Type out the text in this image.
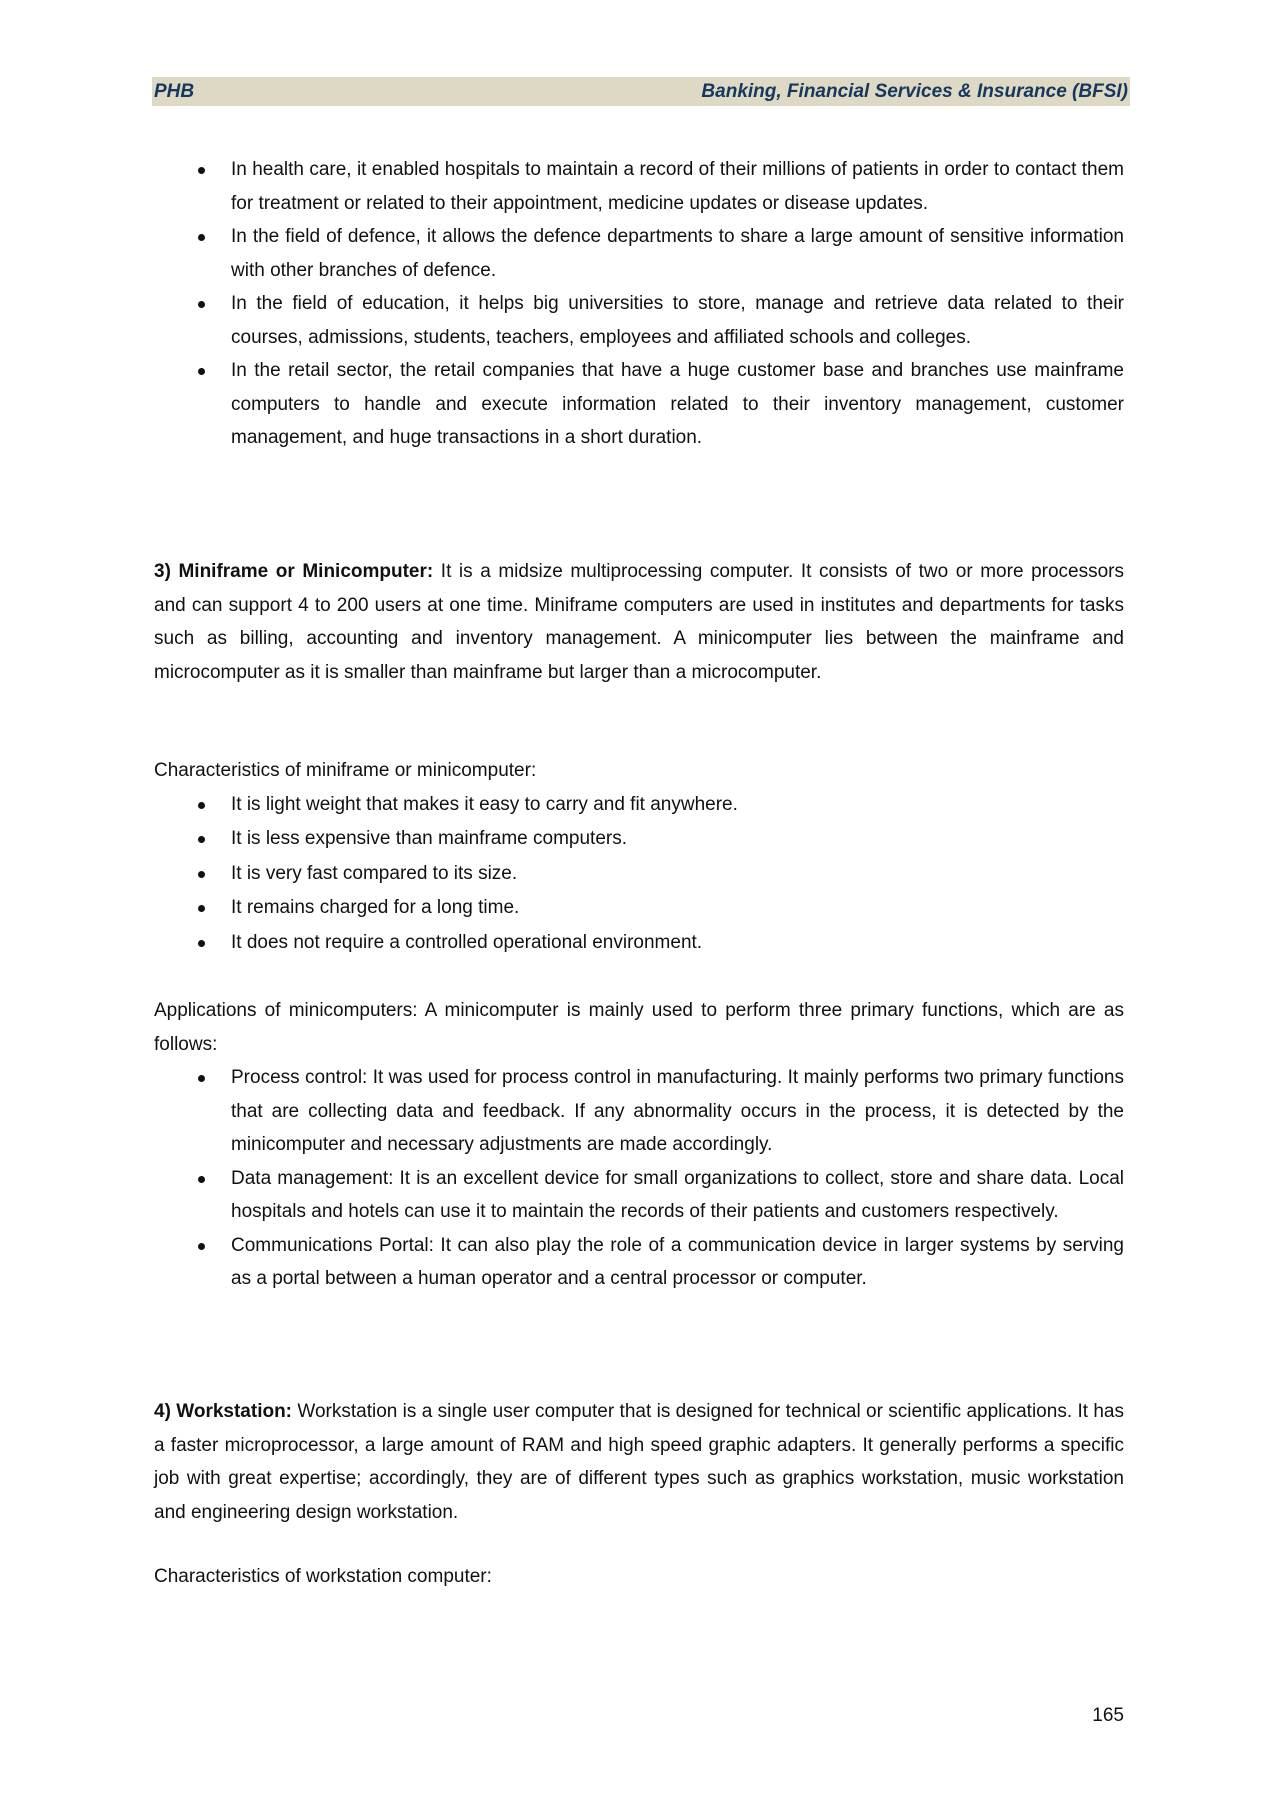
PHB	Banking, Financial Services & Insurance (BFSI)
In health care, it enabled hospitals to maintain a record of their millions of patients in order to contact them for treatment or related to their appointment, medicine updates or disease updates.
In the field of defence, it allows the defence departments to share a large amount of sensitive information with other branches of defence.
In the field of education, it helps big universities to store, manage and retrieve data related to their courses, admissions, students, teachers, employees and affiliated schools and colleges.
In the retail sector, the retail companies that have a huge customer base and branches use mainframe computers to handle and execute information related to their inventory management, customer management, and huge transactions in a short duration.

3) Miniframe or Minicomputer: It is a midsize multiprocessing computer. It consists of two or more processors and can support 4 to 200 users at one time. Miniframe computers are used in institutes and departments for tasks such as billing, accounting and inventory management. A minicomputer lies between the mainframe and microcomputer as it is smaller than mainframe but larger than a microcomputer.

Characteristics of miniframe or minicomputer:

It is light weight that makes it easy to carry and fit anywhere.
It is less expensive than mainframe computers.
It is very fast compared to its size.
It remains charged for a long time.
It does not require a controlled operational environment.

Applications of minicomputers: A minicomputer is mainly used to perform three primary functions, which are as follows:

Process control: It was used for process control in manufacturing. It mainly performs two primary functions that are collecting data and feedback. If any abnormality occurs in the process, it is detected by the minicomputer and necessary adjustments are made accordingly.
Data management: It is an excellent device for small organizations to collect, store and share data. Local hospitals and hotels can use it to maintain the records of their patients and customers respectively.
Communications Portal: It can also play the role of a communication device in larger systems by serving as a portal between a human operator and a central processor or computer.

4) Workstation: Workstation is a single user computer that is designed for technical or scientific applications. It has a faster microprocessor, a large amount of RAM and high speed graphic adapters. It generally performs a specific job with great expertise; accordingly, they are of different types such as graphics workstation, music workstation and engineering design workstation.

Characteristics of workstation computer:

165
